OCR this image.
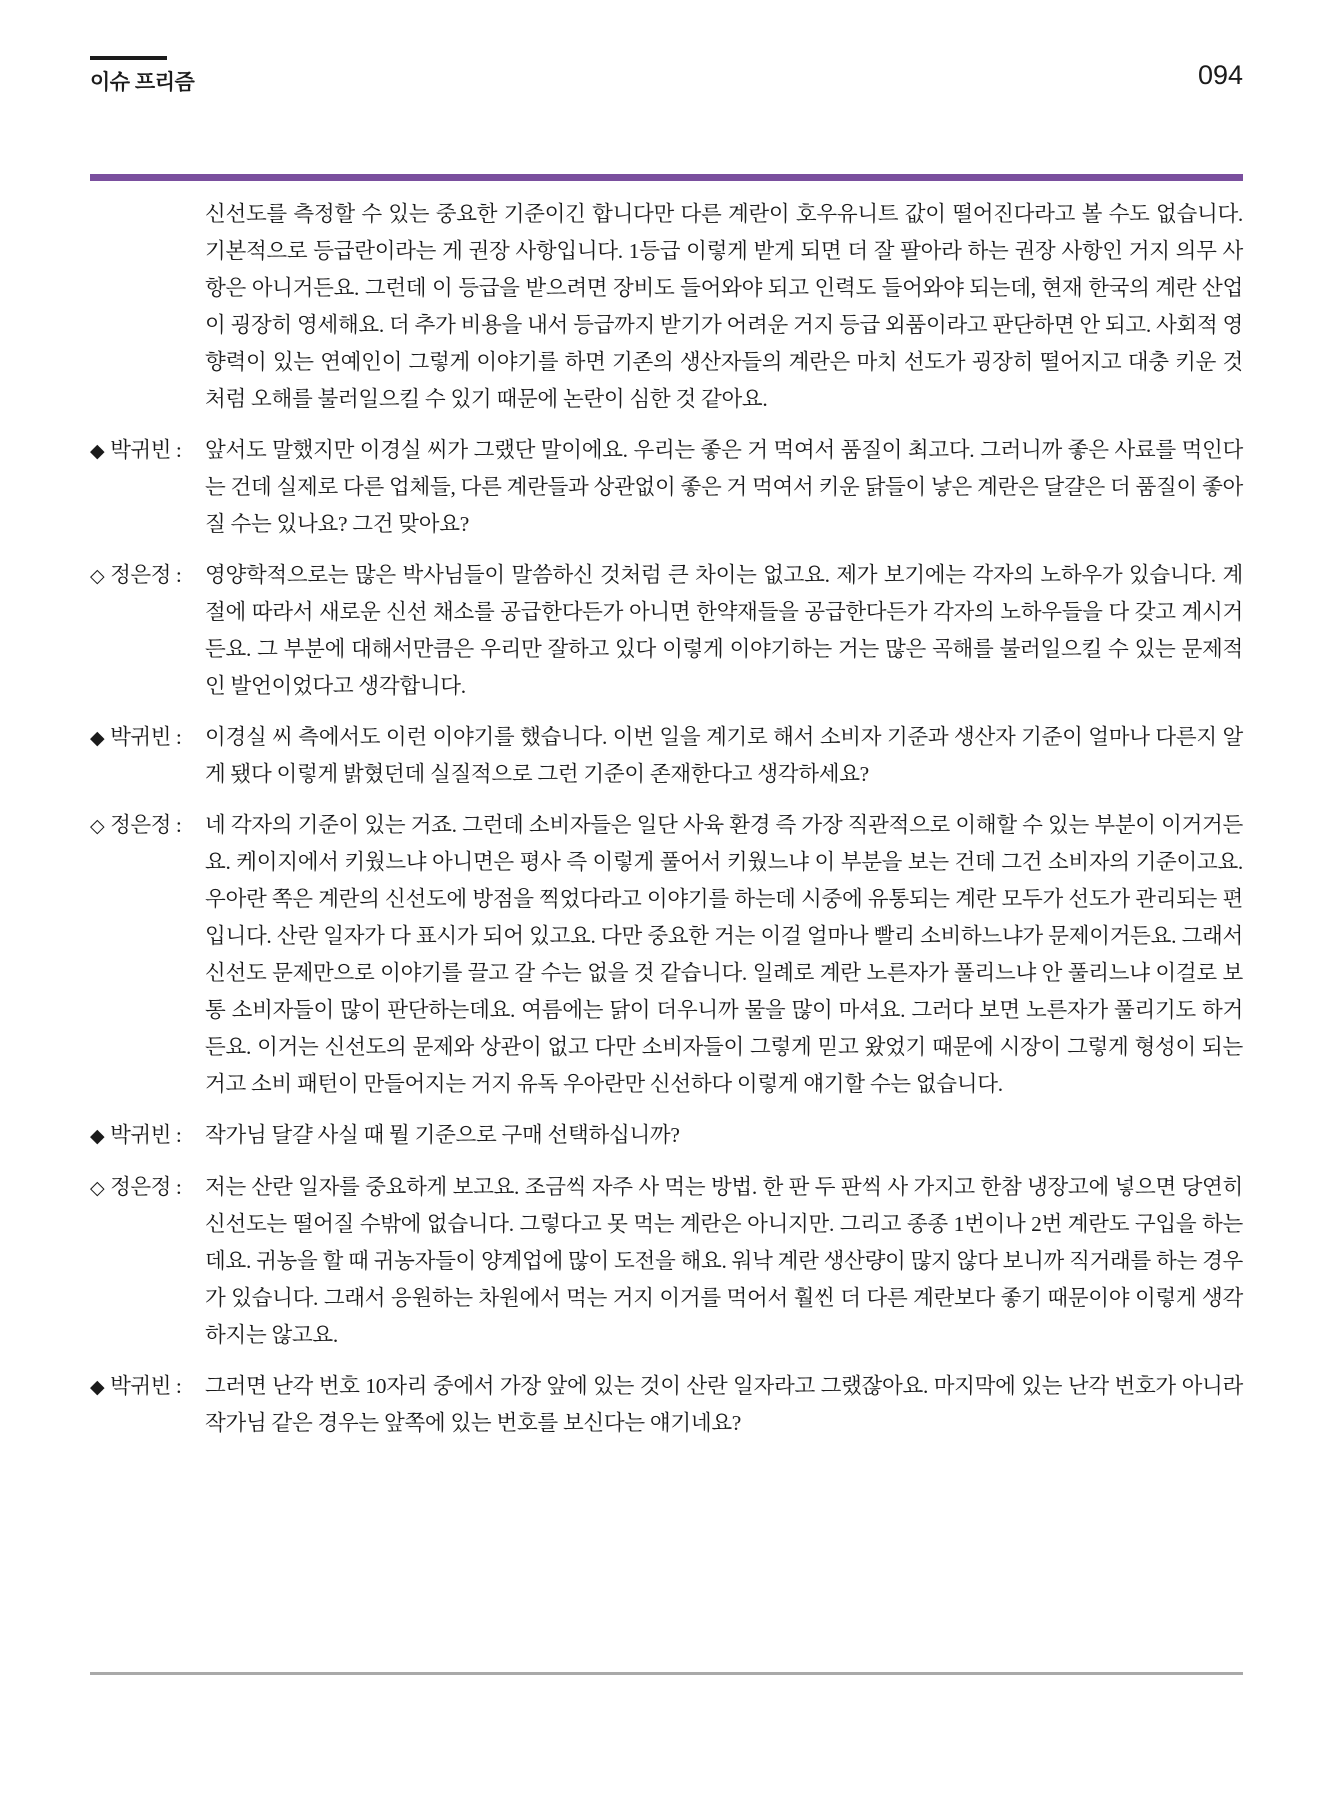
이슈 프리즘	094
신선도를 측정할 수 있는 중요한 기준이긴 합니다만 다른 계란이 호우유니트 값이 떨어진다라고 볼 수도 없습니다. 기본적으로 등급란이라는 게 권장 사항입니다. 1등급 이렇게 받게 되면 더 잘 팔아라 하는 권장 사항인 거지 의무 사항은 아니거든요. 그런데 이 등급을 받으려면 장비도 들어와야 되고 인력도 들어와야 되는데, 현재 한국의 계란 산업이 굉장히 영세해요. 더 추가 비용을 내서 등급까지 받기가 어려운 거지 등급 외품이라고 판단하면 안 되고. 사회적 영향력이 있는 연예인이 그렇게 이야기를 하면 기존의 생산자들의 계란은 마치 선도가 굉장히 떨어지고 대충 키운 것처럼 오해를 불러일으킬 수 있기 때문에 논란이 심한 것 같아요.
◆ 박귀빈 :	앞서도 말했지만 이경실 씨가 그랬단 말이에요. 우리는 좋은 거 먹여서 품질이 최고다. 그러니까 좋은 사료를 먹인다는 건데 실제로 다른 업체들, 다른 계란들과 상관없이 좋은 거 먹여서 키운 닭들이 낳은 계란은 달걀은 더 품질이 좋아질 수는 있나요? 그건 맞아요?
◇ 정은정 :	영양학적으로는 많은 박사님들이 말씀하신 것처럼 큰 차이는 없고요. 제가 보기에는 각자의 노하우가 있습니다. 계절에 따라서 새로운 신선 채소를 공급한다든가 아니면 한약재들을 공급한다든가 각자의 노하우들을 다 갖고 계시거든요. 그 부분에 대해서만큼은 우리만 잘하고 있다 이렇게 이야기하는 거는 많은 곡해를 불러일으킬 수 있는 문제적인 발언이었다고 생각합니다.
◆ 박귀빈 :	이경실 씨 측에서도 이런 이야기를 했습니다. 이번 일을 계기로 해서 소비자 기준과 생산자 기준이 얼마나 다른지 알게 됐다 이렇게 밝혔던데 실질적으로 그런 기준이 존재한다고 생각하세요?
◇ 정은정 :	네 각자의 기준이 있는 거죠. 그런데 소비자들은 일단 사육 환경 즉 가장 직관적으로 이해할 수 있는 부분이 이거거든요. 케이지에서 키웠느냐 아니면은 평사 즉 이렇게 풀어서 키웠느냐 이 부분을 보는 건데 그건 소비자의 기준이고요. 우아란 쪽은 계란의 신선도에 방점을 찍었다라고 이야기를 하는데 시중에 유통되는 계란 모두가 선도가 관리되는 편입니다. 산란 일자가 다 표시가 되어 있고요. 다만 중요한 거는 이걸 얼마나 빨리 소비하느냐가 문제이거든요. 그래서 신선도 문제만으로 이야기를 끌고 갈 수는 없을 것 같습니다. 일례로 계란 노른자가 풀리느냐 안 풀리느냐 이걸로 보통 소비자들이 많이 판단하는데요. 여름에는 닭이 더우니까 물을 많이 마셔요. 그러다 보면 노른자가 풀리기도 하거든요. 이거는 신선도의 문제와 상관이 없고 다만 소비자들이 그렇게 믿고 왔었기 때문에 시장이 그렇게 형성이 되는 거고 소비 패턴이 만들어지는 거지 유독 우아란만 신선하다 이렇게 얘기할 수는 없습니다.
◆ 박귀빈 :	작가님 달걀 사실 때 뭘 기준으로 구매 선택하십니까?
◇ 정은정 :	저는 산란 일자를 중요하게 보고요. 조금씩 자주 사 먹는 방법. 한 판 두 판씩 사 가지고 한참 냉장고에 넣으면 당연히 신선도는 떨어질 수밖에 없습니다. 그렇다고 못 먹는 계란은 아니지만. 그리고 종종 1번이나 2번 계란도 구입을 하는데요. 귀농을 할 때 귀농자들이 양계업에 많이 도전을 해요. 워낙 계란 생산량이 많지 않다 보니까 직거래를 하는 경우가 있습니다. 그래서 응원하는 차원에서 먹는 거지 이거를 먹어서 훨씬 더 다른 계란보다 좋기 때문이야 이렇게 생각하지는 않고요.
◆ 박귀빈 :	그러면 난각 번호 10자리 중에서 가장 앞에 있는 것이 산란 일자라고 그랬잖아요. 마지막에 있는 난각 번호가 아니라 작가님 같은 경우는 앞쪽에 있는 번호를 보신다는 얘기네요?
